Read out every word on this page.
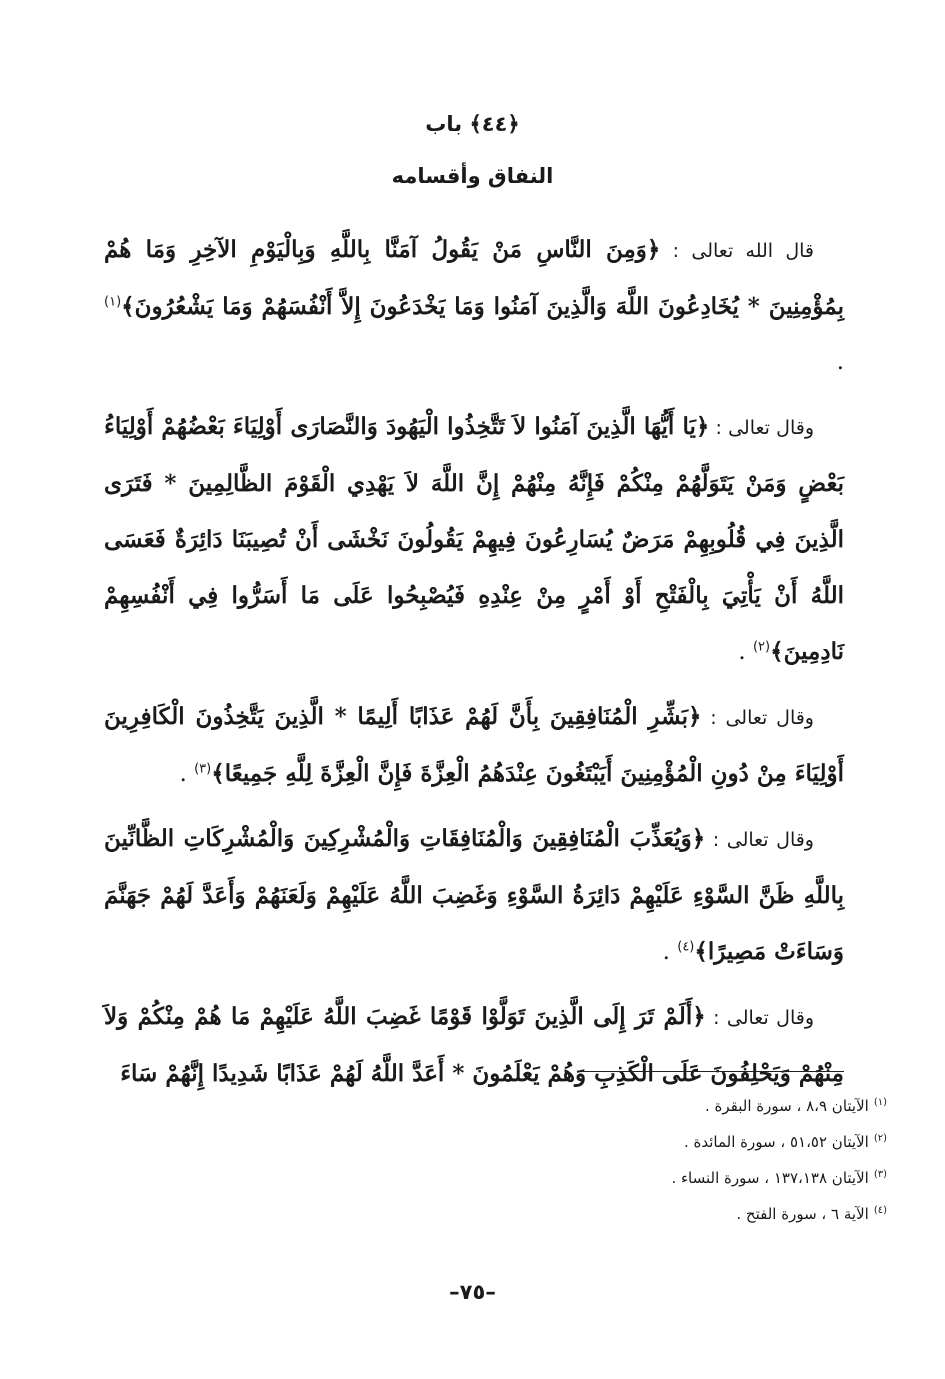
﴿٤٤﴾ باب
النفاق وأقسامه

قال الله تعالى : ﴿وَمِنَ النَّاسِ مَنْ يَقُولُ آمَنَّا بِاللَّهِ وَبِالْيَوْمِ الآخِرِ وَمَا هُمْ بِمُؤْمِنِينَ * يُخَادِعُونَ اللَّهَ وَالَّذِينَ آمَنُوا وَمَا يَخْدَعُونَ إِلاَّ أَنْفُسَهُمْ وَمَا يَشْعُرُونَ﴾$^{(١)}$ .

وقال تعالى : ﴿يَا أَيُّهَا الَّذِينَ آمَنُوا لاَ تَتَّخِذُوا الْيَهُودَ وَالنَّصَارَى أَوْلِيَاءَ بَعْضُهُمْ أَوْلِيَاءُ بَعْضٍ وَمَنْ يَتَوَلَّهُمْ مِنْكُمْ فَإِنَّهُ مِنْهُمْ إِنَّ اللَّهَ لاَ يَهْدِي الْقَوْمَ الظَّالِمِينَ * فَتَرَى الَّذِينَ فِي قُلُوبِهِمْ مَرَضٌ يُسَارِعُونَ فِيهِمْ يَقُولُونَ نَخْشَى أَنْ تُصِيبَنَا دَائِرَةٌ فَعَسَى اللَّهُ أَنْ يَأْتِيَ بِالْفَتْحِ أَوْ أَمْرٍ مِنْ عِنْدِهِ فَيُصْبِحُوا عَلَى مَا أَسَرُّوا فِي أَنْفُسِهِمْ نَادِمِينَ﴾$^{(٢)}$ .

وقال تعالى : ﴿بَشِّرِ الْمُنَافِقِينَ بِأَنَّ لَهُمْ عَذَابًا أَلِيمًا * الَّذِينَ يَتَّخِذُونَ الْكَافِرِينَ أَوْلِيَاءَ مِنْ دُونِ الْمُؤْمِنِينَ أَيَبْتَغُونَ عِنْدَهُمُ الْعِزَّةَ فَإِنَّ الْعِزَّةَ لِلَّهِ جَمِيعًا﴾$^{(٣)}$ .

وقال تعالى : ﴿وَيُعَذِّبَ الْمُنَافِقِينَ وَالْمُنَافِقَاتِ وَالْمُشْرِكِينَ وَالْمُشْرِكَاتِ الظَّانِّينَ بِاللَّهِ ظَنَّ السَّوْءِ عَلَيْهِمْ دَائِرَةُ السَّوْءِ وَغَضِبَ اللَّهُ عَلَيْهِمْ وَلَعَنَهُمْ وَأَعَدَّ لَهُمْ جَهَنَّمَ وَسَاءَتْ مَصِيرًا﴾$^{(٤)}$ .

وقال تعالى : ﴿أَلَمْ تَرَ إِلَى الَّذِينَ تَوَلَّوْا قَوْمًا غَضِبَ اللَّهُ عَلَيْهِمْ مَا هُمْ مِنْكُمْ وَلاَ مِنْهُمْ وَيَحْلِفُونَ عَلَى الْكَذِبِ وَهُمْ يَعْلَمُونَ * أَعَدَّ اللَّهُ لَهُمْ عَذَابًا شَدِيدًا إِنَّهُمْ سَاءَ

$^{(١)}$الآيتان ٨،٩ ، سورة البقرة .
$^{(٢)}$الآيتان ٥١،٥٢ ، سورة المائدة .
$^{(٣)}$الآيتان ١٣٧،١٣٨ ، سورة النساء .
$^{(٤)}$الآية ٦ ، سورة الفتح .
–٧٥–
